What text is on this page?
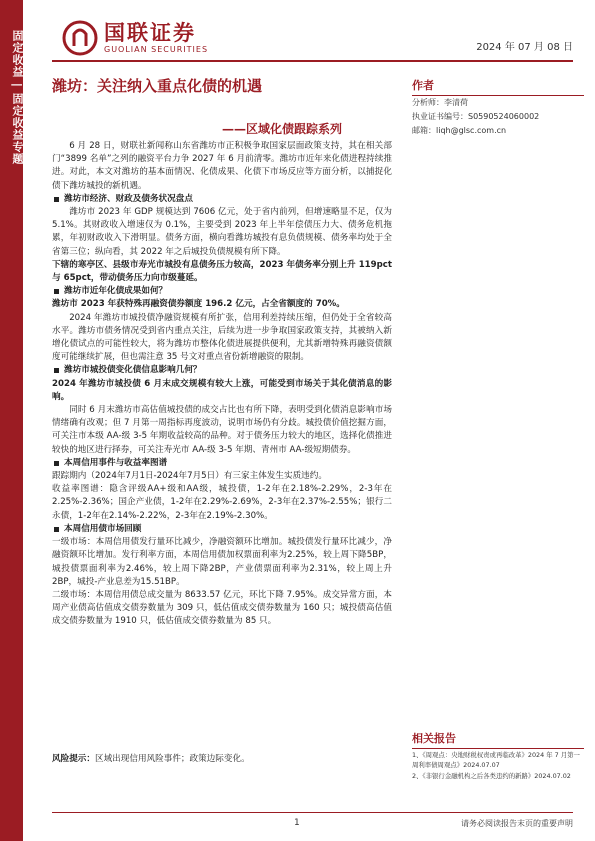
固定收益 | 固定收益专题	国联证券
GUOLIAN SECURITIES	2024 年 07 月 08 日
潍坊：关注纳入重点化债的机遇
——区域化债跟踪系列
作者
分析师：李清荷
执业证书编号：S0590524060002
邮箱：liqh@glsc.com.cn

6 月 28 日，财联社新闻称山东省潍坊市正积极争取国家层面政策支持，其在相关部门“3899 名单”之列的融资平台力争 2027 年 6 月前清零。潍坊市近年来化债进程持续推进。对此，本文对潍坊的基本面情况、化债成果、化债下市场反应等方面分析，以捕捉化债下潍坊城投的新机遇。

潍坊市经济、财政及债务状况盘点

潍坊市 2023 年 GDP 规模达到 7606 亿元，处于省内前列，但增速略显不足，仅为 5.1%。其财政收入增速仅为 0.1%，主要受到 2023 年上半年偿债压力大、债务危机拖累，年初财政收入下滑明显。债务方面，横向看潍坊城投有息负债规模、债务率均处于全省第三位；纵向看，其 2022 年之后城投负债规模有所下降。

下辖的寒亭区、县级市寿光市城投有息债务压力较高，2023 年债务率分别上升 119pct 与 65pct，带动债务压力向市级蔓延。

潍坊市近年化债成果如何？

潍坊市 2023 年获特殊再融资债券额度 196.2 亿元，占全省额度的 70%。

2024 年潍坊市城投债净融资规模有所扩张，信用利差持续压缩，但仍处于全省较高水平。潍坊市债务情况受到省内重点关注，后续为进一步争取国家政策支持，其被纳入新增化债试点的可能性较大，将为潍坊市整体化债进展提供便利，尤其新增特殊再融资债额度可能继续扩展，但也需注意 35 号文对重点省份新增融资的限制。

潍坊市城投债变化债信息影响几何？

2024 年潍坊市城投债 6 月末成交规模有较大上涨，可能受到市场关于其化债消息的影响。

同时 6 月末潍坊市高估值城投债的成交占比也有所下降，表明受到化债消息影响市场情绪确有改观；但 7 月第一周指标再度波动，说明市场仍有分歧。城投债价值挖掘方面，可关注市本级 AA-级 3-5 年期收益较高的品种。对于债务压力较大的地区，选择化债推进较快的地区进行择券，可关注寿光市 AA-级 3-5 年期、青州市 AA-级短期债券。

本周信用事件与收益率图谱

跟踪期内（2024年7月1日-2024年7月5日）有三家主体发生实质违约。

收益率图谱：隐含评级AA+级和AA级，城投债，1-2年在2.18%-2.29%，2-3年在2.25%-2.36%；国企产业债，1-2年在2.29%-2.69%，2-3年在2.37%-2.55%；银行二永债，1-2年在2.14%-2.22%，2-3年在2.19%-2.30%。

本周信用债市场回顾

一级市场：本周信用债发行量环比减少，净融资额环比增加。城投债发行量环比减少，净融资额环比增加。发行利率方面，本周信用债加权票面利率为2.25%，较上周下降5BP，城投债票面利率为2.46%，较上周下降2BP，产业债票面利率为2.31%，较上周上升2BP，城投-产业息差为15.51BP。

二级市场：本周信用债总成交量为 8633.57 亿元，环比下降 7.95%。成交异常方面，本周产业债高估值成交债券数量为 309 只，低估值成交债券数量为 160 只；城投债高估值成交债券数量为 1910 只，低估值成交债券数量为 85 只。

风险提示：区域出现信用风险事件；政策边际变化。
相关报告
1、《周观点：央地财税权责或再临改革》2024 年 7 月第一周利率债周观点》2024.07.07
2、《非银行金融机构之后各类违约的新路》2024.07.02
1	请务必阅读报告末页的重要声明
